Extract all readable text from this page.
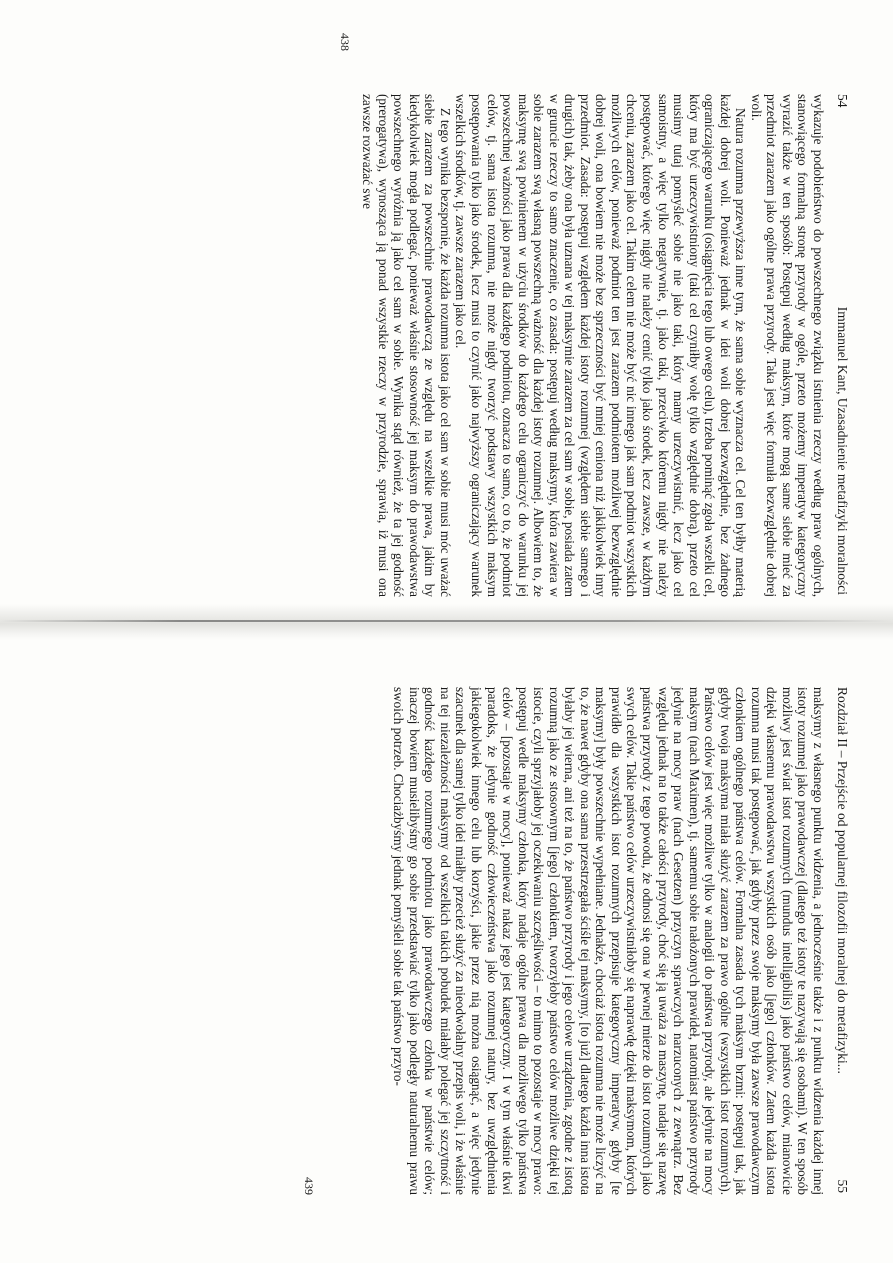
54
Immanuel Kant, Uzasadnienie metafizyki moralności

wykazuje podobieństwo do powszechnego związku istnienia rzeczy według praw ogólnych, stanowiącego formalną stronę przyrody w ogóle, przeto możemy imperatyw kategoryczny wyrazić także w ten sposób: Postępuj według maksym, które mogą same siebie mieć za przedmiot zarazem jako ogólne prawa przyrody. Taka jest więc formuła bezwzględnie dobrej woli.

Natura rozumna przewyższa inne tym, że sama sobie wyznacza cel. Cel ten byłby materią każdej dobrej woli. Ponieważ jednak w idei woli dobrej bezwzględnie, bez żadnego ograniczającego warunku (osiągnięcia tego lub owego celu), trzeba pominąć zgoła wszelki cel, który ma być urzeczywistniony (taki cel czyniłby wolę tylko względnie dobrą), przeto cel musimy tutaj pomyśleć sobie nie jako taki, który mamy urzeczywistnić, lecz jako cel samoistny, a więc tylko negatywnie, tj. jako taki, przeciwko któremu nigdy nie należy postępować, którego więc nigdy nie należy cenić tylko jako środek, lecz zawsze, w każdym chceniu, zarazem jako cel. Takim celem nie może być nic innego jak sam podmiot wszystkich możliwych celów, ponieważ podmiot ten jest zarazem podmiotem możliwej bezwzględnie dobrej woli, ona bowiem nie może bez sprzeczności być mniej ceniona niż jakikolwiek inny przedmiot. Zasada: postępuj względem każdej istoty rozumnej (względem siebie samego i drugich) tak, żeby ona była uznana w tej maksymie zarazem za cel sam w sobie, posiada zatem w gruncie rzeczy to samo znaczenie, co zasada: postępuj według maksymy, która zawiera w sobie zarazem swą własną powszechną ważność dla każdej istoty rozumnej. Albowiem to, że maksymę swą powinienem w użyciu środków do każdego celu ograniczyć do warunku jej powszechnej ważności jako prawa dla każdego podmiotu, oznacza to samo, co to, że podmiot celów, tj. sama istota rozumna, nie może nigdy tworzyć podstawy wszystkich maksym postępowania tylko jako środek, lecz musi to czynić jako najwyższy ograniczający warunek wszelkich środków, tj. zawsze zarazem jako cel.

Z tego wynika bezspornie, że każda rozumna istota jako cel sam w sobie musi móc uważać siebie zarazem za powszechnie prawodawczą ze względu na wszelkie prawa, jakim by kiedykolwiek mogła podlegać, ponieważ właśnie stosowność jej maksym do prawodawstwa powszechnego wyróżnia ją jako cel sam w sobie. Wynika stąd również, że ta jej godność (prerogatywa), wynosząca ją ponad wszystkie rzeczy w przyrodzie, sprawia, iż musi ona zawsze rozważać swe

438
Rozdział II – Przejście od popularnej filozofii moralnej do metafizyki...
55

maksymy z własnego punktu widzenia, a jednocześnie także i z punktu widzenia każdej innej istoty rozumnej jako prawodawczej (dlatego też istoty te nazywają się osobami). W ten sposób możliwy jest świat istot rozumnych (mundus intelligibilis) jako państwo celów, mianowicie dzięki własnemu prawodawstwu wszystkich osób jako [jego] członków. Zatem każda istota rozumna musi tak postępować, jak gdyby przez swoje maksymy była zawsze prawodawczym członkiem ogólnego państwa celów. Formalna zasada tych maksym brzmi: postępuj tak, jak gdyby twoja maksyma miała służyć zarazem za prawo ogólne (wszystkich istot rozumnych). Państwo celów jest więc możliwe tylko w analogii do państwa przyrody, ale jedynie na mocy maksym (nach Maximen), tj. samemu sobie nałożonych prawideł, natomiast państwo przyrody jedynie na mocy praw (nach Gesetzen) przyczyn sprawczych narzuconych z zewnątrz. Bez względu jednak na to także całości przyrody, choć się ją uważa za maszynę, nadaje się nazwę państwa przyrody z tego powodu, że odnosi się ona w pewnej mierze do istot rozumnych jako swych celów. Takie państwo celów urzeczywistniłoby się naprawdę dzięki maksymom, których prawidło dla wszystkich istot rozumnych przepisuje kategoryczny imperatyw, gdyby [te maksymy] były powszechnie wypełniane. Jednakże, chociaż istota rozumna nie może liczyć na to, że nawet gdyby ona sama przestrzegała ściśle tej maksymy, [to już] dlatego każda inna istota byłaby jej wierna, ani też na to, że państwo przyrody i jego celowe urządzenia, zgodne z istotą rozumną jako ze stosownym [jego] członkiem, tworzyłoby państwo celów możliwe dzięki tej istocie, czyli sprzyjałoby jej oczekiwaniu szczęśliwości – to mimo to pozostaje w mocy prawo: postępuj wedle maksymy członka, który nadaje ogólne prawa dla możliwego tylko państwa celów – [pozostaje w mocy], ponieważ nakaz jego jest kategoryczny. I w tym właśnie tkwi paradoks, że jedynie godność człowieczeństwa jako rozumnej natury, bez uwzględnienia jakiegokolwiek innego celu lub korzyści, jakie przez nią można osiągnąć, a więc jedynie szacunek dla samej tylko idei miałby przecież służyć za nieodwołalny przepis woli, i że właśnie na tej niezależności maksymy od wszelkich takich pobudek miałaby polegać jej szczytność i godność każdego rozumnego podmiotu jako prawodawczego członka w państwie celów; inaczej bowiem musielibyśmy go sobie przedstawiać tylko jako podległy naturalnemu prawu swoich potrzeb. Chociażbyśmy jednak pomyśleli sobie tak państwo przyro-

439
